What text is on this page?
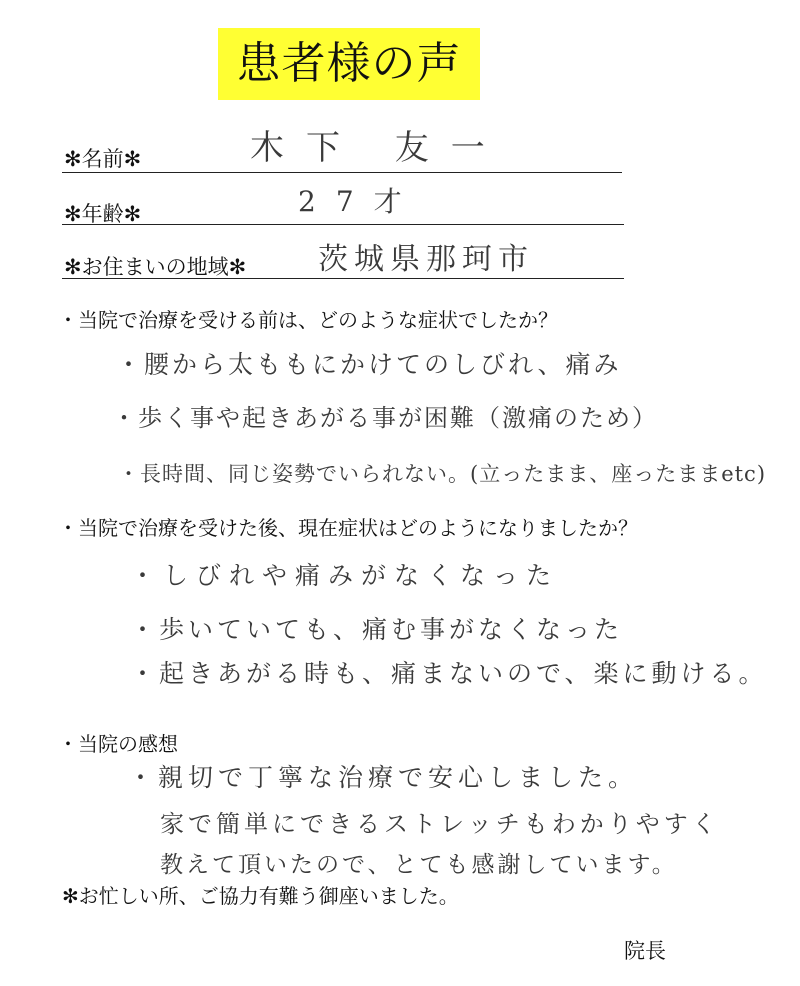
患者様の声
✻名前✻	木下 友一
✻年齢✻	27才
✻お住まいの地域✻ 茨城県那珂市
・当院で治療を受ける前は、どのような症状でしたか？
・腰から太ももにかけてのしびれ、痛み
・歩く事や起きあがる事が困難（激痛のため）
・長時間、同じ姿勢でいられない。(立ったまま、座ったままetc)
・当院で治療を受けた後、現在症状はどのようになりましたか？
・しびれや痛みがなくなった
・歩いていても、痛む事がなくなった
・起きあがる時も、痛まないので、楽に動ける。
・当院の感想
・親切で丁寧な治療で安心しました。
家で簡単にできるストレッチもわかりやすく
教えて頂いたので、とても感謝しています。
✻お忙しい所、ご協力有難う御座いました。
院長
